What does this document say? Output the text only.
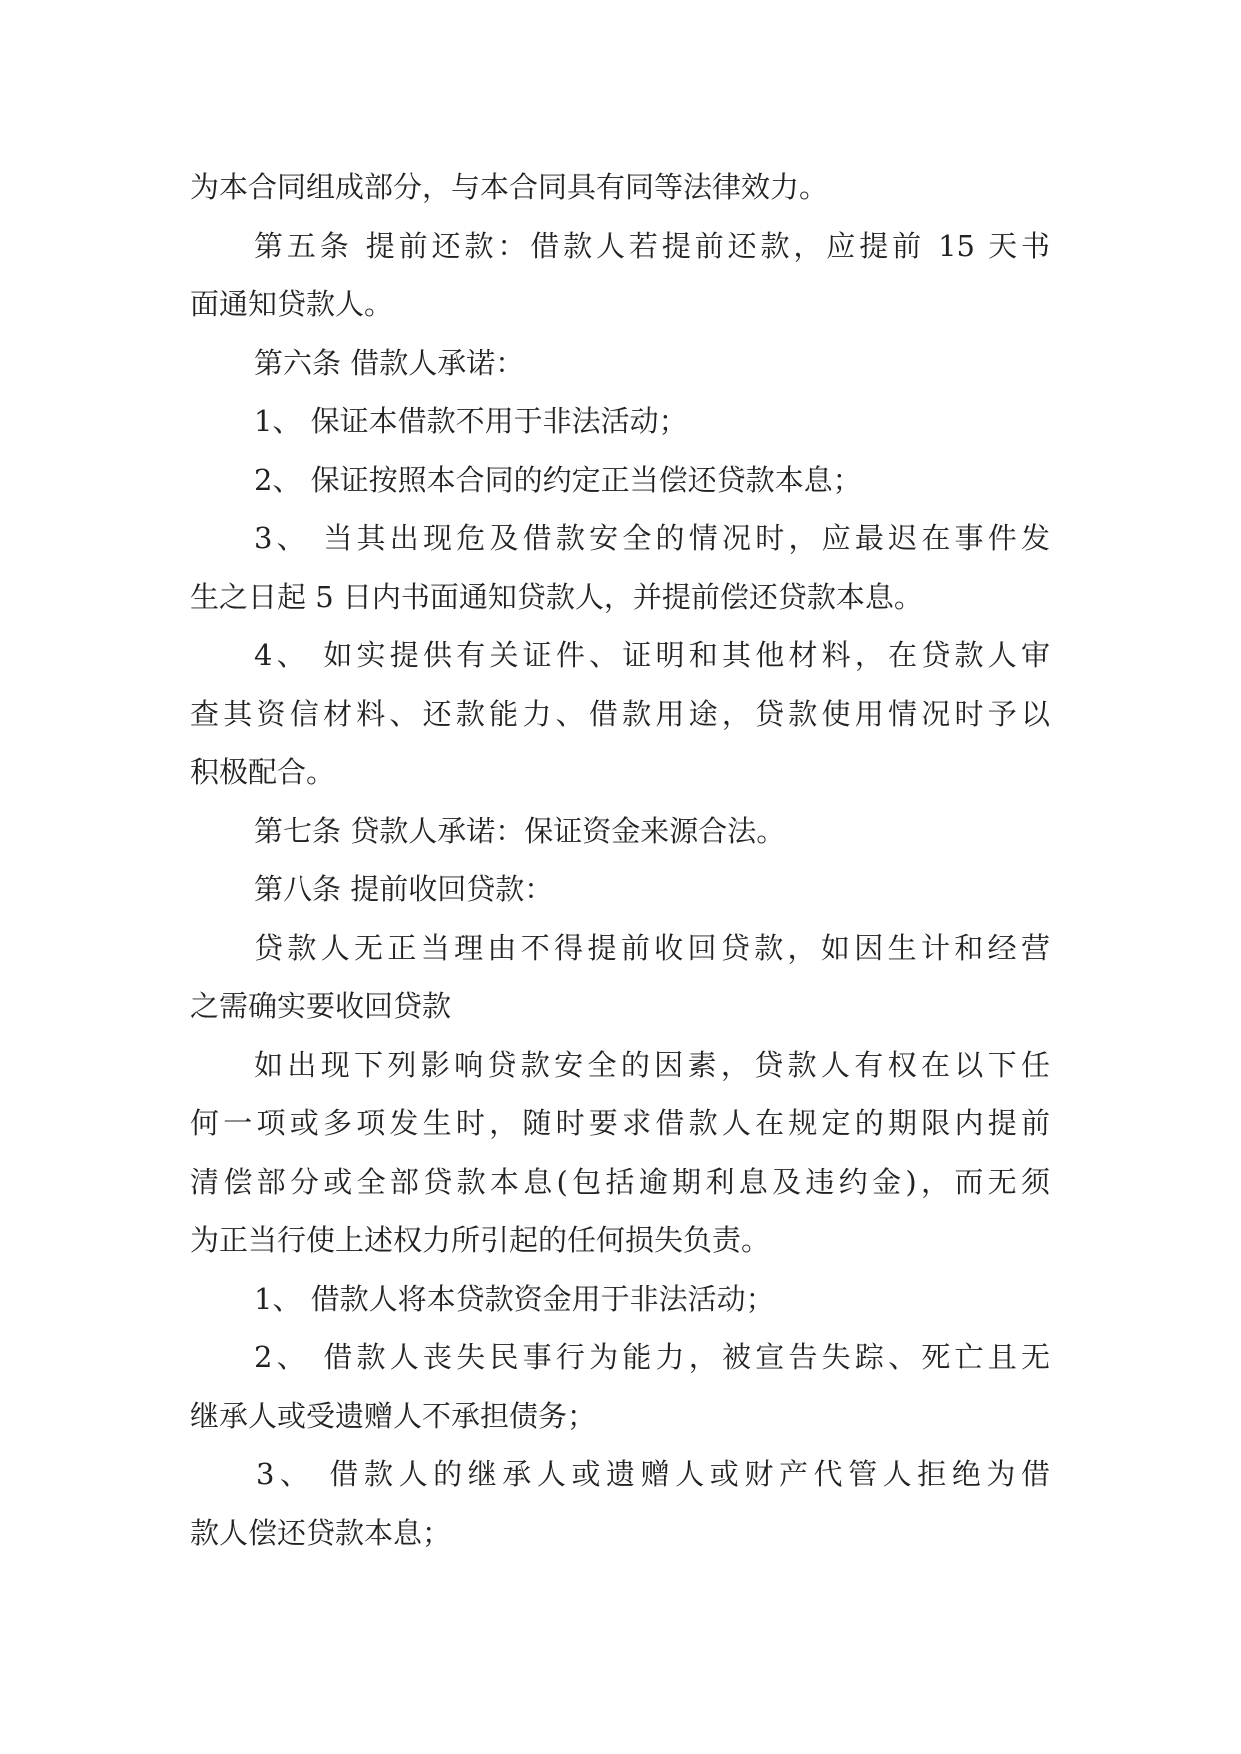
为本合同组成部分，与本合同具有同等法律效力。
第五条 提前还款：借款人若提前还款，应提前 15 天书
面通知贷款人。
第六条 借款人承诺：
1、 保证本借款不用于非法活动；
2、 保证按照本合同的约定正当偿还贷款本息；
3、 当其出现危及借款安全的情况时，应最迟在事件发
生之日起 5 日内书面通知贷款人，并提前偿还贷款本息。
4、 如实提供有关证件、证明和其他材料，在贷款人审
查其资信材料、还款能力、借款用途，贷款使用情况时予以
积极配合。
第七条 贷款人承诺：保证资金来源合法。
第八条 提前收回贷款：
贷款人无正当理由不得提前收回贷款，如因生计和经营
之需确实要收回贷款
如出现下列影响贷款安全的因素，贷款人有权在以下任
何一项或多项发生时，随时要求借款人在规定的期限内提前
清偿部分或全部贷款本息(包括逾期利息及违约金)，而无须
为正当行使上述权力所引起的任何损失负责。
1、 借款人将本贷款资金用于非法活动；
2、 借款人丧失民事行为能力，被宣告失踪、死亡且无
继承人或受遗赠人不承担债务；
3、 借款人的继承人或遗赠人或财产代管人拒绝为借
款人偿还贷款本息；
